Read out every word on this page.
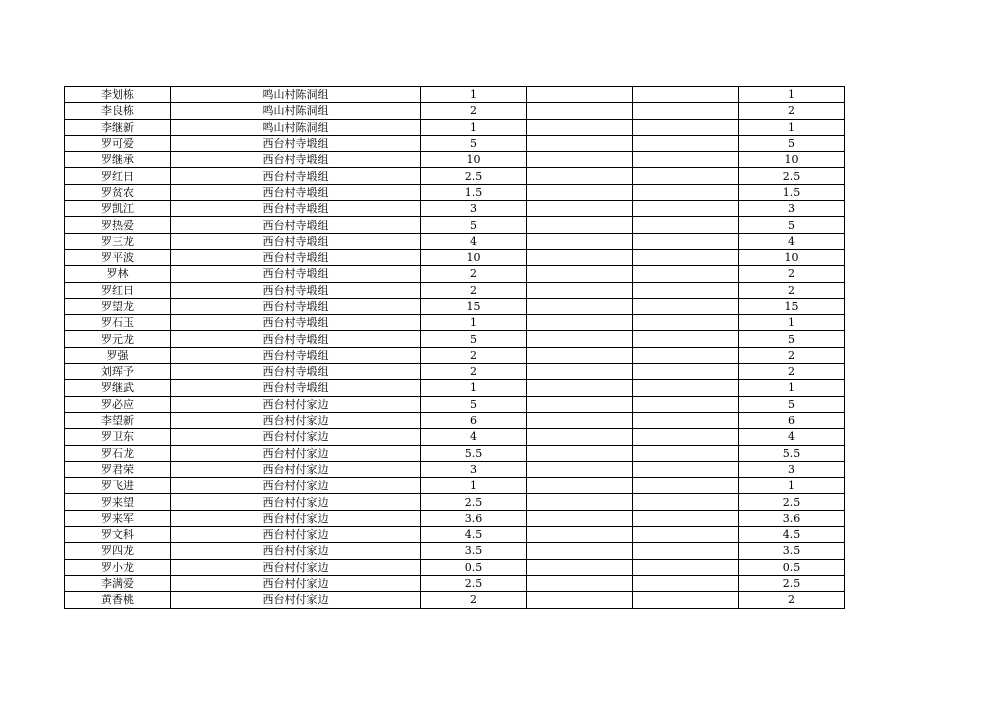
李划栋	鸣山村陈洞组	1			1
李良栋	鸣山村陈洞组	2			2
李继新	鸣山村陈洞组	1			1
罗可爱	西台村寺塅组	5			5
罗继承	西台村寺塅组	10			10
罗红日	西台村寺塅组	2.5			2.5
罗贫农	西台村寺塅组	1.5			1.5
罗凯江	西台村寺塅组	3			3
罗热爱	西台村寺塅组	5			5
罗三龙	西台村寺塅组	4			4
罗平波	西台村寺塅组	10			10
罗林	西台村寺塅组	2			2
罗红日	西台村寺塅组	2			2
罗望龙	西台村寺塅组	15			15
罗石玉	西台村寺塅组	1			1
罗元龙	西台村寺塅组	5			5
罗强	西台村寺塅组	2			2
刘珲予	西台村寺塅组	2			2
罗继武	西台村寺塅组	1			1
罗必应	西台村付家边	5			5
李望新	西台村付家边	6			6
罗卫东	西台村付家边	4			4
罗石龙	西台村付家边	5.5			5.5
罗君荣	西台村付家边	3			3
罗飞进	西台村付家边	1			1
罗来望	西台村付家边	2.5			2.5
罗来军	西台村付家边	3.6			3.6
罗文科	西台村付家边	4.5			4.5
罗四龙	西台村付家边	3.5			3.5
罗小龙	西台村付家边	0.5			0.5
李满爱	西台村付家边	2.5			2.5
黄香桃	西台村付家边	2			2
